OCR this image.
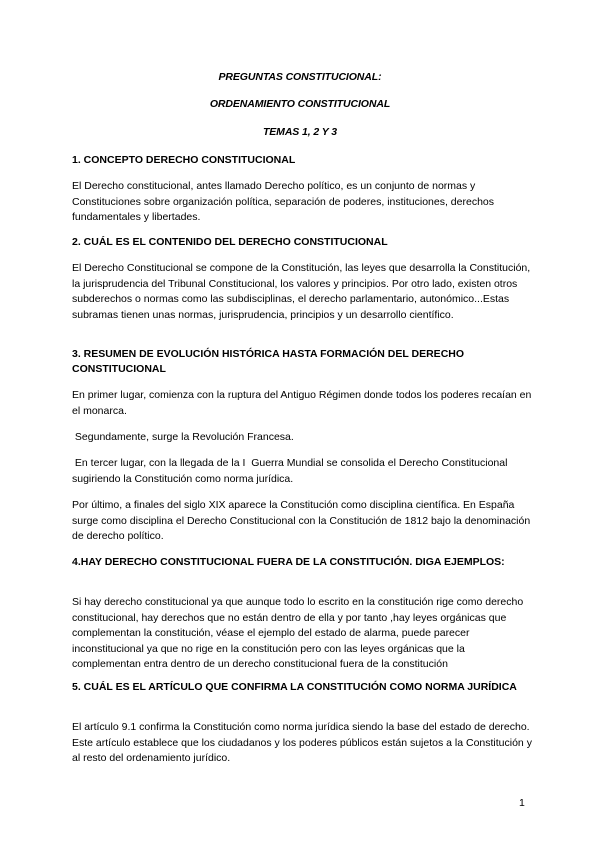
PREGUNTAS CONSTITUCIONAL:
ORDENAMIENTO CONSTITUCIONAL
TEMAS 1, 2 Y 3
1. CONCEPTO DERECHO CONSTITUCIONAL
El Derecho constitucional, antes llamado Derecho político, es un conjunto de normas y Constituciones sobre organización política, separación de poderes, instituciones, derechos fundamentales y libertades.
2. CUÁL ES EL CONTENIDO DEL DERECHO CONSTITUCIONAL
El Derecho Constitucional se compone de la Constitución, las leyes que desarrolla la Constitución, la jurisprudencia del Tribunal Constitucional, los valores y principios. Por otro lado, existen otros subderechos o normas como las subdisciplinas, el derecho parlamentario, autonómico...Estas subramas tienen unas normas, jurisprudencia, principios y un desarrollo científico.
3. RESUMEN DE EVOLUCIÓN HISTÓRICA HASTA FORMACIÓN DEL DERECHO CONSTITUCIONAL
En primer lugar, comienza con la ruptura del Antiguo Régimen donde todos los poderes recaían en el monarca.
Segundamente, surge la Revolución Francesa.
En tercer lugar, con la llegada de la I  Guerra Mundial se consolida el Derecho Constitucional sugiriendo la Constitución como norma jurídica.
Por último, a finales del siglo XIX aparece la Constitución como disciplina científica. En España surge como disciplina el Derecho Constitucional con la Constitución de 1812 bajo la denominación de derecho político.
4.HAY DERECHO CONSTITUCIONAL FUERA DE LA CONSTITUCIÓN. DIGA EJEMPLOS:
Si hay derecho constitucional ya que aunque todo lo escrito en la constitución rige como derecho constitucional, hay derechos que no están dentro de ella y por tanto ,hay leyes orgánicas que complementan la constitución, véase el ejemplo del estado de alarma, puede parecer inconstitucional ya que no rige en la constitución pero con las leyes orgánicas que la complementan entra dentro de un derecho constitucional fuera de la constitución
5. CUÁL ES EL ARTÍCULO QUE CONFIRMA LA CONSTITUCIÓN COMO NORMA JURÍDICA
El artículo 9.1 confirma la Constitución como norma jurídica siendo la base del estado de derecho. Este artículo establece que los ciudadanos y los poderes públicos están sujetos a la Constitución y al resto del ordenamiento jurídico.
1
